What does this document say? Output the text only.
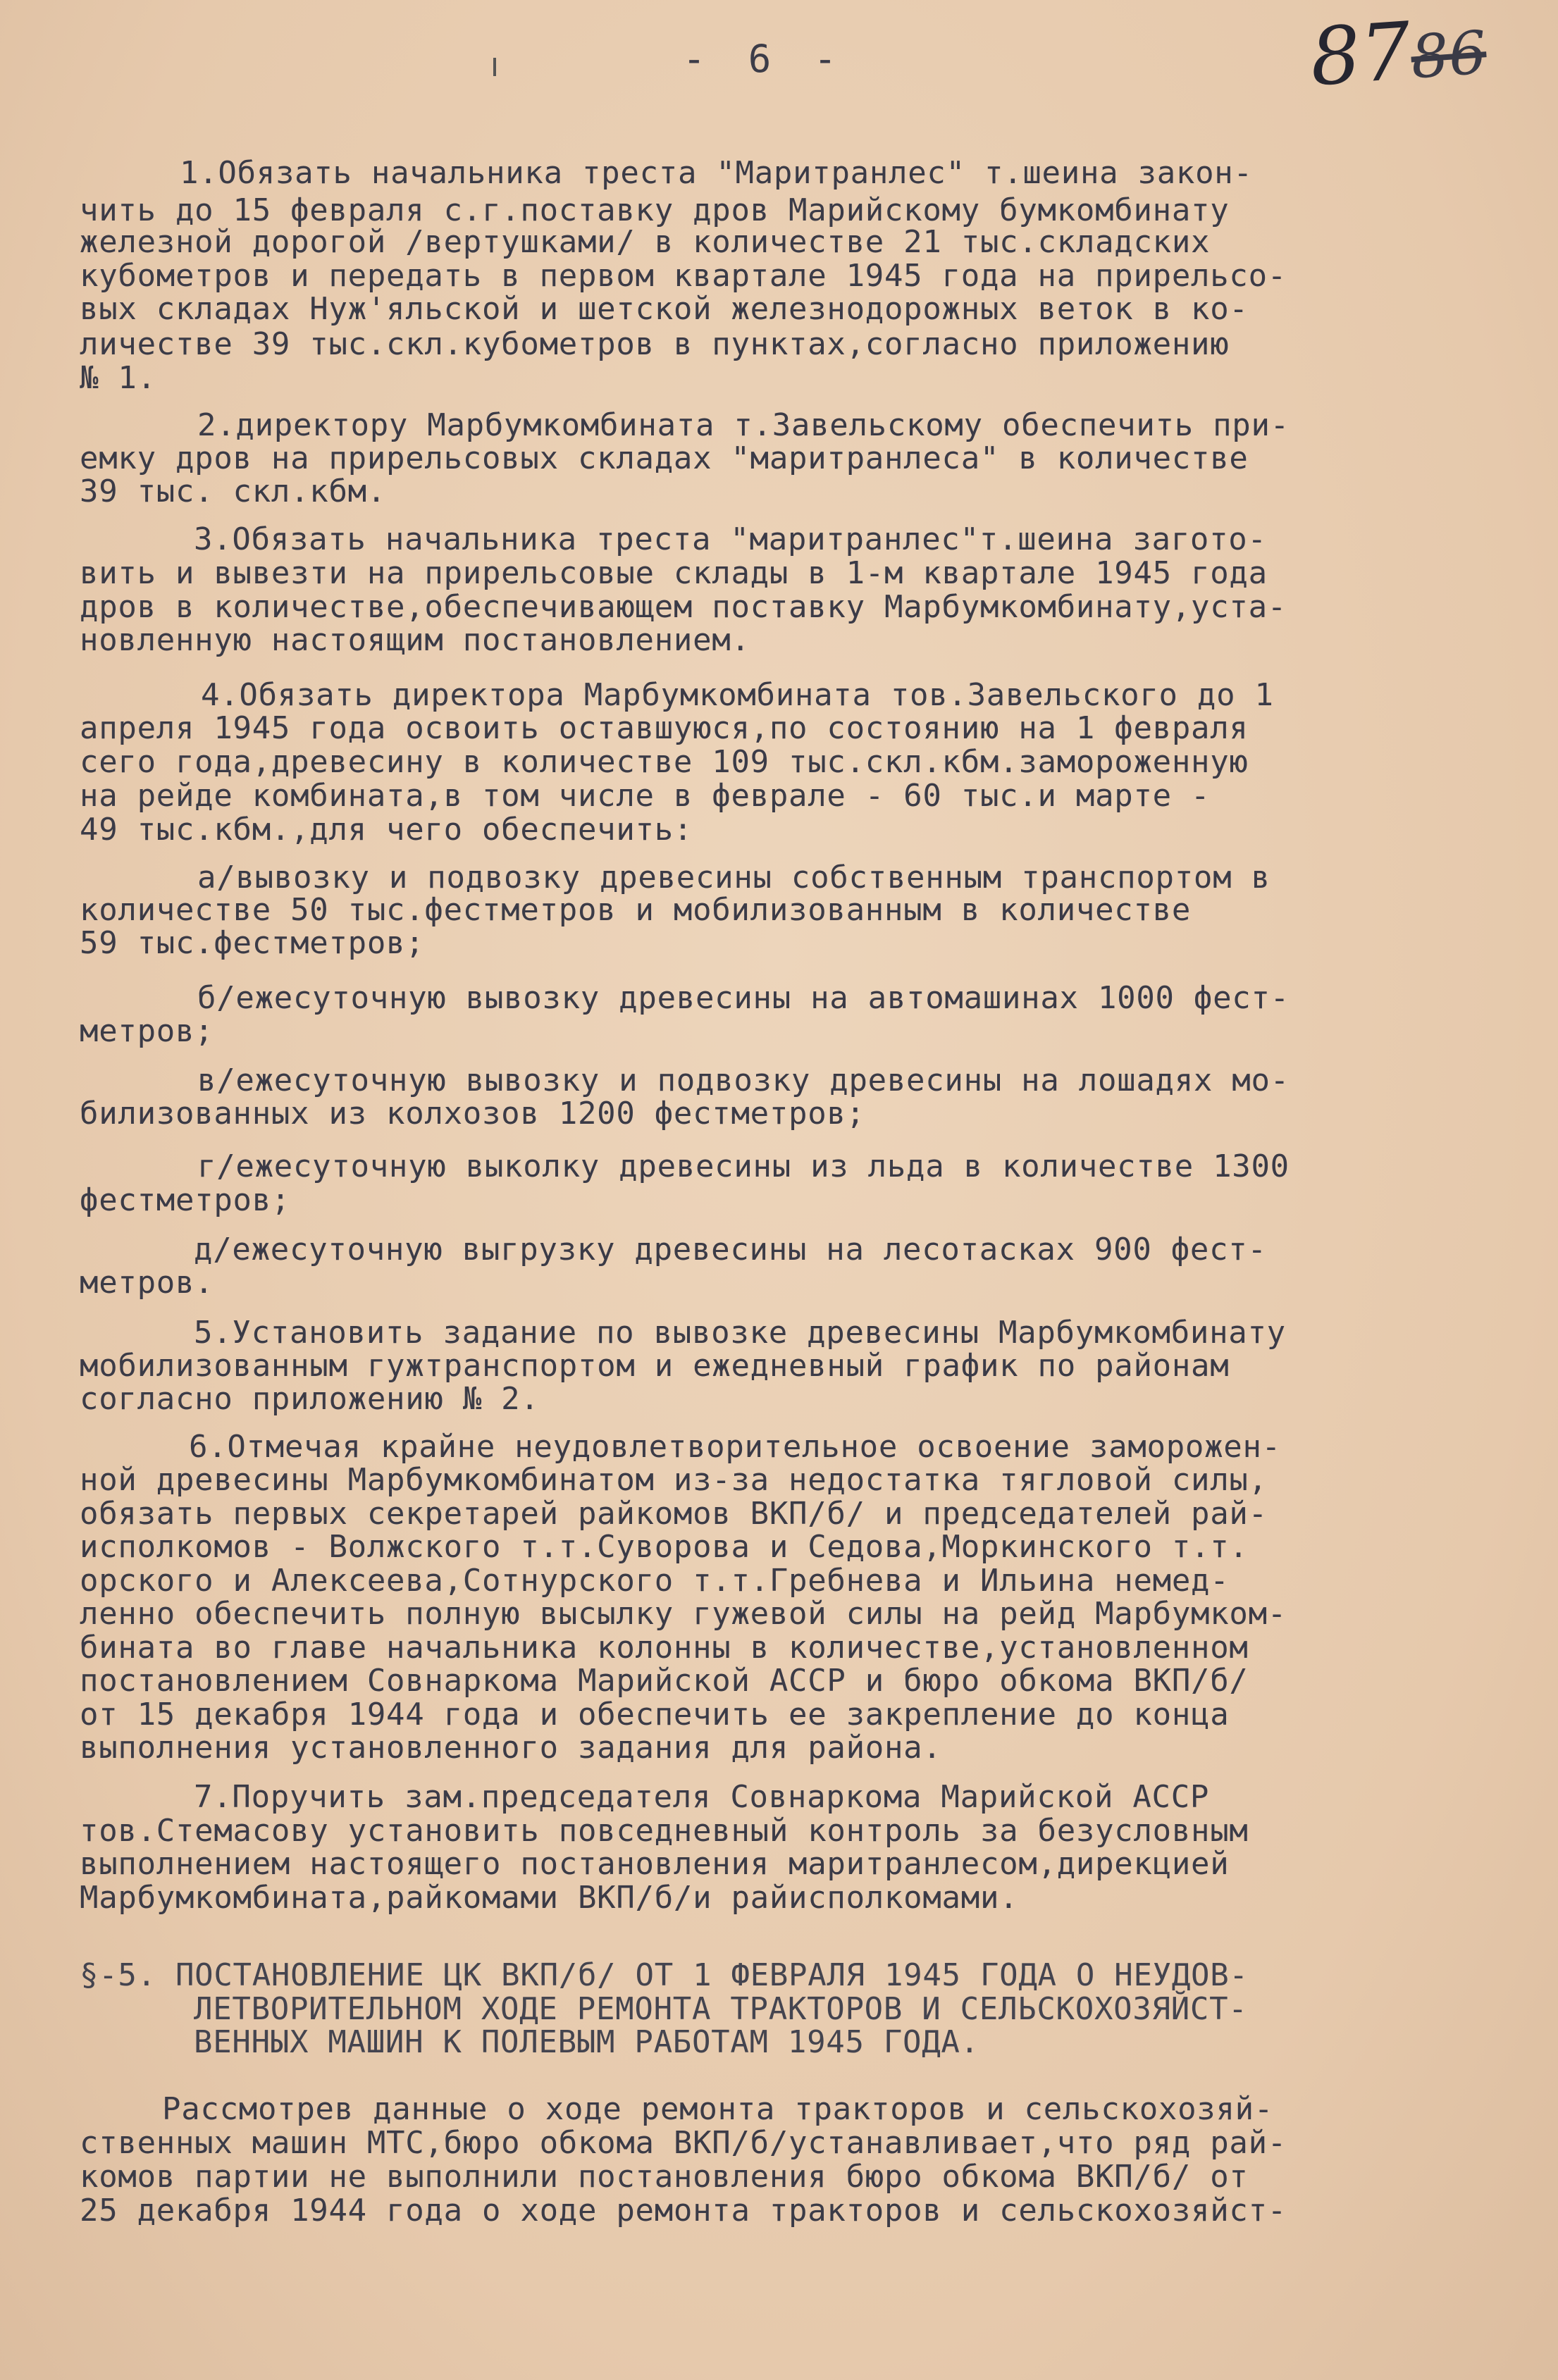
- 6 -	8786
1.Обязать начальника треста "Маритранлес" т.шеина закон-
чить до 15 февраля с.г.поставку дров Марийскому бумкомбинату
железной дорогой /вертушками/ в количестве 21 тыс.складских
кубометров и передать в первом квартале 1945 года на прирельсо-
вых складах Нуж'яльской и шетской железнодорожных веток в ко-
личестве 39 тыс.скл.кубометров в пунктах,согласно приложению
№ 1.
2.директору Марбумкомбината т.Завельскому обеспечить при-
емку дров на прирельсовых складах "маритранлеса" в количестве
39 тыс. скл.кбм.
3.Обязать начальника треста "маритранлес"т.шеина загото-
вить и вывезти на прирельсовые склады в 1-м квартале 1945 года
дров в количестве,обеспечивающем поставку Марбумкомбинату,уста-
новленную настоящим постановлением.
4.Обязать директора Марбумкомбината тов.Завельского до 1
апреля 1945 года освоить оставшуюся,по состоянию на 1 февраля
сего года,древесину в количестве 109 тыс.скл.кбм.замороженную
на рейде комбината,в том числе в феврале - 60 тыс.и марте -
49 тыс.кбм.,для чего обеспечить:
а/вывозку и подвозку древесины собственным транспортом в
количестве 50 тыс.фестметров и мобилизованным в количестве
59 тыс.фестметров;
б/ежесуточную вывозку древесины на автомашинах 1000 фест-
метров;
в/ежесуточную вывозку и подвозку древесины на лошадях мо-
билизованных из колхозов 1200 фестметров;
г/ежесуточную выколку древесины из льда в количестве 1300
фестметров;
д/ежесуточную выгрузку древесины на лесотасках 900 фест-
метров.
5.Установить задание по вывозке древесины Марбумкомбинату
мобилизованным гужтранспортом и ежедневный график по районам
согласно приложению № 2.
6.Отмечая крайне неудовлетворительное освоение заморожен-
ной древесины Марбумкомбинатом из-за недостатка тягловой силы,
обязать первых секретарей райкомов ВКП/б/ и председателей рай-
исполкомов - Волжского т.т.Суворова и Седова,Моркинского т.т.
орского и Алексеева,Сотнурского т.т.Гребнева и Ильина немед-
ленно обеспечить полную высылку гужевой силы на рейд Марбумком-
бината во главе начальника колонны в количестве,установленном
постановлением Совнаркома Марийской АССР и бюро обкома ВКП/б/
от 15 декабря 1944 года и обеспечить ее закрепление до конца
выполнения установленного задания для района.
7.Поручить зам.председателя Совнаркома Марийской АССР
тов.Стемасову установить повседневный контроль за безусловным
выполнением настоящего постановления маритранлесом,дирекцией
Марбумкомбината,райкомами ВКП/б/и райисполкомами.
§-5. ПОСТАНОВЛЕНИЕ ЦК ВКП/б/ ОТ 1 ФЕВРАЛЯ 1945 ГОДА О НЕУДОВ-
ЛЕТВОРИТЕЛЬНОМ ХОДЕ РЕМОНТА ТРАКТОРОВ И СЕЛЬСКОХОЗЯЙСТ-
ВЕННЫХ МАШИН К ПОЛЕВЫМ РАБОТАМ 1945 ГОДА.
Рассмотрев данные о ходе ремонта тракторов и сельскохозяй-
ственных машин МТС,бюро обкома ВКП/б/устанавливает,что ряд рай-
комов партии не выполнили постановления бюро обкома ВКП/б/ от
25 декабря 1944 года о ходе ремонта тракторов и сельскохозяйст-
